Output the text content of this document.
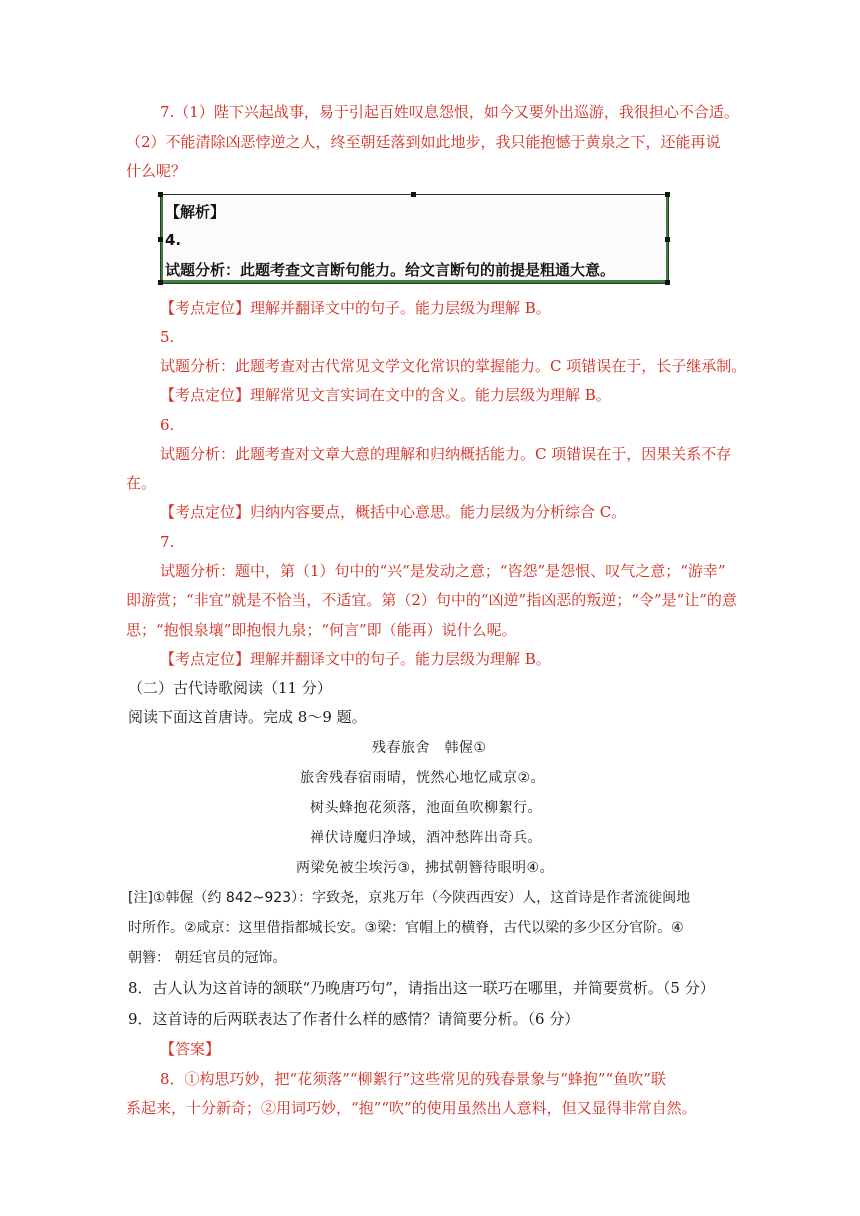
7.（1）陛下兴起战事，易于引起百姓叹息怨恨，如今又要外出巡游，我很担心不合适。
（2）不能清除凶恶悖逆之人，终至朝廷落到如此地步，我只能抱憾于黄泉之下，还能再说
什么呢？
【解析】
4.
试题分析：此题考查文言断句能力。给文言断句的前提是粗通大意。
【考点定位】理解并翻译文中的句子。能力层级为理解 B。
5.
试题分析：此题考查对古代常见文学文化常识的掌握能力。C 项错误在于，长子继承制。
【考点定位】理解常见文言实词在文中的含义。能力层级为理解 B。
6.
试题分析：此题考查对文章大意的理解和归纳概括能力。C 项错误在于，因果关系不存
在。
【考点定位】归纳内容要点，概括中心意思。能力层级为分析综合 C。
7.
试题分析：题中，第（1）句中的“兴”是发动之意；“咨怨”是怨恨、叹气之意；“游幸”
即游赏；“非宜”就是不恰当，不适宜。第（2）句中的“凶逆”指凶恶的叛逆；“令”是“让”的意
思；“抱恨泉壤”即抱恨九泉；“何言”即（能再）说什么呢。
【考点定位】理解并翻译文中的句子。能力层级为理解 B。
（二）古代诗歌阅读（11 分）
阅读下面这首唐诗。完成 8～9 题。
残春旅舍　韩偓①
旅舍残春宿雨晴，恍然心地忆咸京②。
树头蜂抱花须落，池面鱼吹柳絮行。
禅伏诗魔归净域，酒冲愁阵出奇兵。
两梁免被尘埃污③，拂拭朝簪待眼明④。
[注]①韩偓（约 842~923）：字致尧，京兆万年（今陕西西安）人，这首诗是作者流徙闽地
时所作。②咸京：这里借指都城长安。③梁：官帽上的横脊，古代以梁的多少区分官阶。④
朝簪： 朝廷官员的冠饰。
8．古人认为这首诗的颔联“乃晚唐巧句”，请指出这一联巧在哪里，并简要赏析。（5 分）
9．这首诗的后两联表达了作者什么样的感情？请简要分析。（6 分）
【答案】
8．①构思巧妙，把“花须落”“柳絮行”这些常见的残春景象与“蜂抱”“鱼吹”联
系起来，十分新奇；②用词巧妙，“抱”“吹”的使用虽然出人意料，但又显得非常自然。
